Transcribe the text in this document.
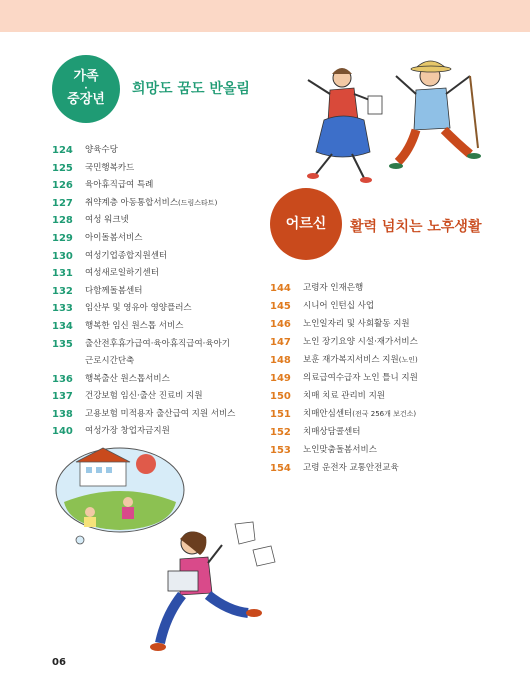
가족
·
중장년
희망도 꿈도 반올림
124	양육수당
125	국민행복카드
126	육아휴직급여 특례
127	취약계층 아동통합서비스(드림스타트)
128	여성 워크넷
129	아이돌봄서비스
130	여성기업종합지원센터
131	여성새로일하기센터
132	다함께돌봄센터
133	임산부 및 영유아 영양플러스
134	행복한 임신 원스톱 서비스
135	출산전후휴가급여·육아휴직급여·육아기
근로시간단축
136	행복출산 원스톱서비스
137	건강보험 임신·출산 진료비 지원
138	고용보험 미적용자 출산급여 지원 서비스
140	여성가장 창업자금지원
어르신 활력 넘치는 노후생활
144	고령자 인재은행
145	시니어 인턴십 사업
146	노인일자리 및 사회활동 지원
147	노인 장기요양 시설·재가서비스
148	보훈 재가복지서비스 지원(노인)
149	의료급여수급자 노인 틀니 지원
150	치매 치료 관리비 지원
151	치매안심센터(전국 256개 보건소)
152	치매상담콜센터
153	노인맞춤돌봄서비스
154	고령 운전자 교통안전교육
06
